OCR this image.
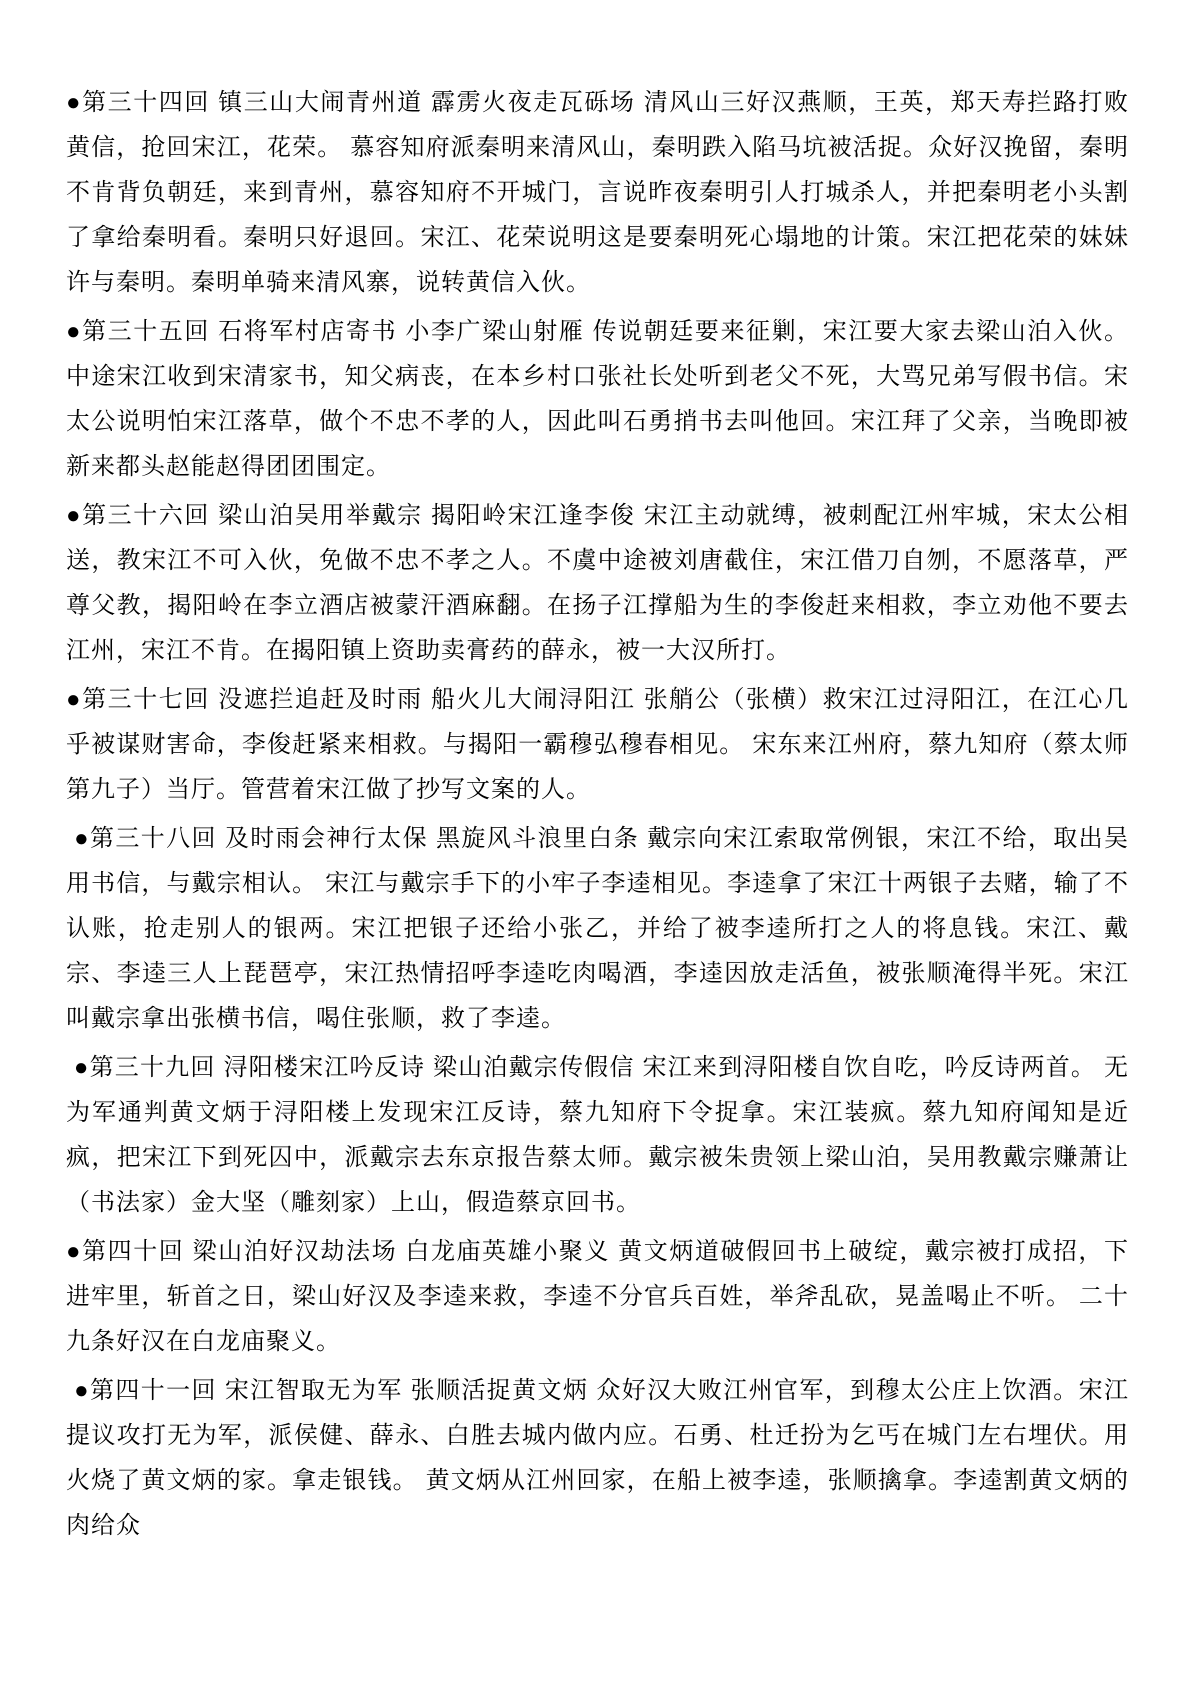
●第三十四回 镇三山大闹青州道 霹雳火夜走瓦砾场 清风山三好汉燕顺，王英，郑天寿拦路打败黄信，抢回宋江，花荣。 慕容知府派秦明来清风山，秦明跌入陷马坑被活捉。众好汉挽留，秦明不肯背负朝廷，来到青州，慕容知府不开城门，言说昨夜秦明引人打城杀人，并把秦明老小头割了拿给秦明看。秦明只好退回。宋江、花荣说明这是要秦明死心塌地的计策。宋江把花荣的妹妹许与秦明。秦明单骑来清风寨，说转黄信入伙。

●第三十五回 石将军村店寄书 小李广梁山射雁 传说朝廷要来征剿，宋江要大家去梁山泊入伙。中途宋江收到宋清家书，知父病丧，在本乡村口张社长处听到老父不死，大骂兄弟写假书信。宋太公说明怕宋江落草，做个不忠不孝的人，因此叫石勇捎书去叫他回。宋江拜了父亲，当晚即被新来都头赵能赵得团团围定。

●第三十六回 梁山泊吴用举戴宗 揭阳岭宋江逢李俊 宋江主动就缚，被刺配江州牢城，宋太公相送，教宋江不可入伙，免做不忠不孝之人。不虞中途被刘唐截住，宋江借刀自刎，不愿落草，严尊父教，揭阳岭在李立酒店被蒙汗酒麻翻。在扬子江撑船为生的李俊赶来相救，李立劝他不要去江州，宋江不肯。在揭阳镇上资助卖膏药的薛永，被一大汉所打。

●第三十七回 没遮拦追赶及时雨 船火儿大闹浔阳江 张艄公（张横）救宋江过浔阳江，在江心几乎被谋财害命，李俊赶紧来相救。与揭阳一霸穆弘穆春相见。 宋东来江州府，蔡九知府（蔡太师第九子）当厅。管营着宋江做了抄写文案的人。

●第三十八回 及时雨会神行太保 黑旋风斗浪里白条 戴宗向宋江索取常例银，宋江不给，取出吴用书信，与戴宗相认。 宋江与戴宗手下的小牢子李逵相见。李逵拿了宋江十两银子去赌，输了不认账，抢走别人的银两。宋江把银子还给小张乙，并给了被李逵所打之人的将息钱。宋江、戴宗、李逵三人上琵琶亭，宋江热情招呼李逵吃肉喝酒，李逵因放走活鱼，被张顺淹得半死。宋江叫戴宗拿出张横书信，喝住张顺，救了李逵。

●第三十九回 浔阳楼宋江吟反诗 梁山泊戴宗传假信 宋江来到浔阳楼自饮自吃，吟反诗两首。 无为军通判黄文炳于浔阳楼上发现宋江反诗，蔡九知府下令捉拿。宋江装疯。蔡九知府闻知是近疯，把宋江下到死囚中，派戴宗去东京报告蔡太师。戴宗被朱贵领上梁山泊，吴用教戴宗赚萧让（书法家）金大坚（雕刻家）上山，假造蔡京回书。

●第四十回 梁山泊好汉劫法场 白龙庙英雄小聚义 黄文炳道破假回书上破绽，戴宗被打成招，下进牢里，斩首之日，梁山好汉及李逵来救，李逵不分官兵百姓，举斧乱砍，晃盖喝止不听。 二十九条好汉在白龙庙聚义。

●第四十一回 宋江智取无为军 张顺活捉黄文炳 众好汉大败江州官军，到穆太公庄上饮酒。宋江提议攻打无为军，派侯健、薛永、白胜去城内做内应。石勇、杜迁扮为乞丐在城门左右埋伏。用火烧了黄文炳的家。拿走银钱。 黄文炳从江州回家，在船上被李逵，张顺擒拿。李逵割黄文炳的肉给众
